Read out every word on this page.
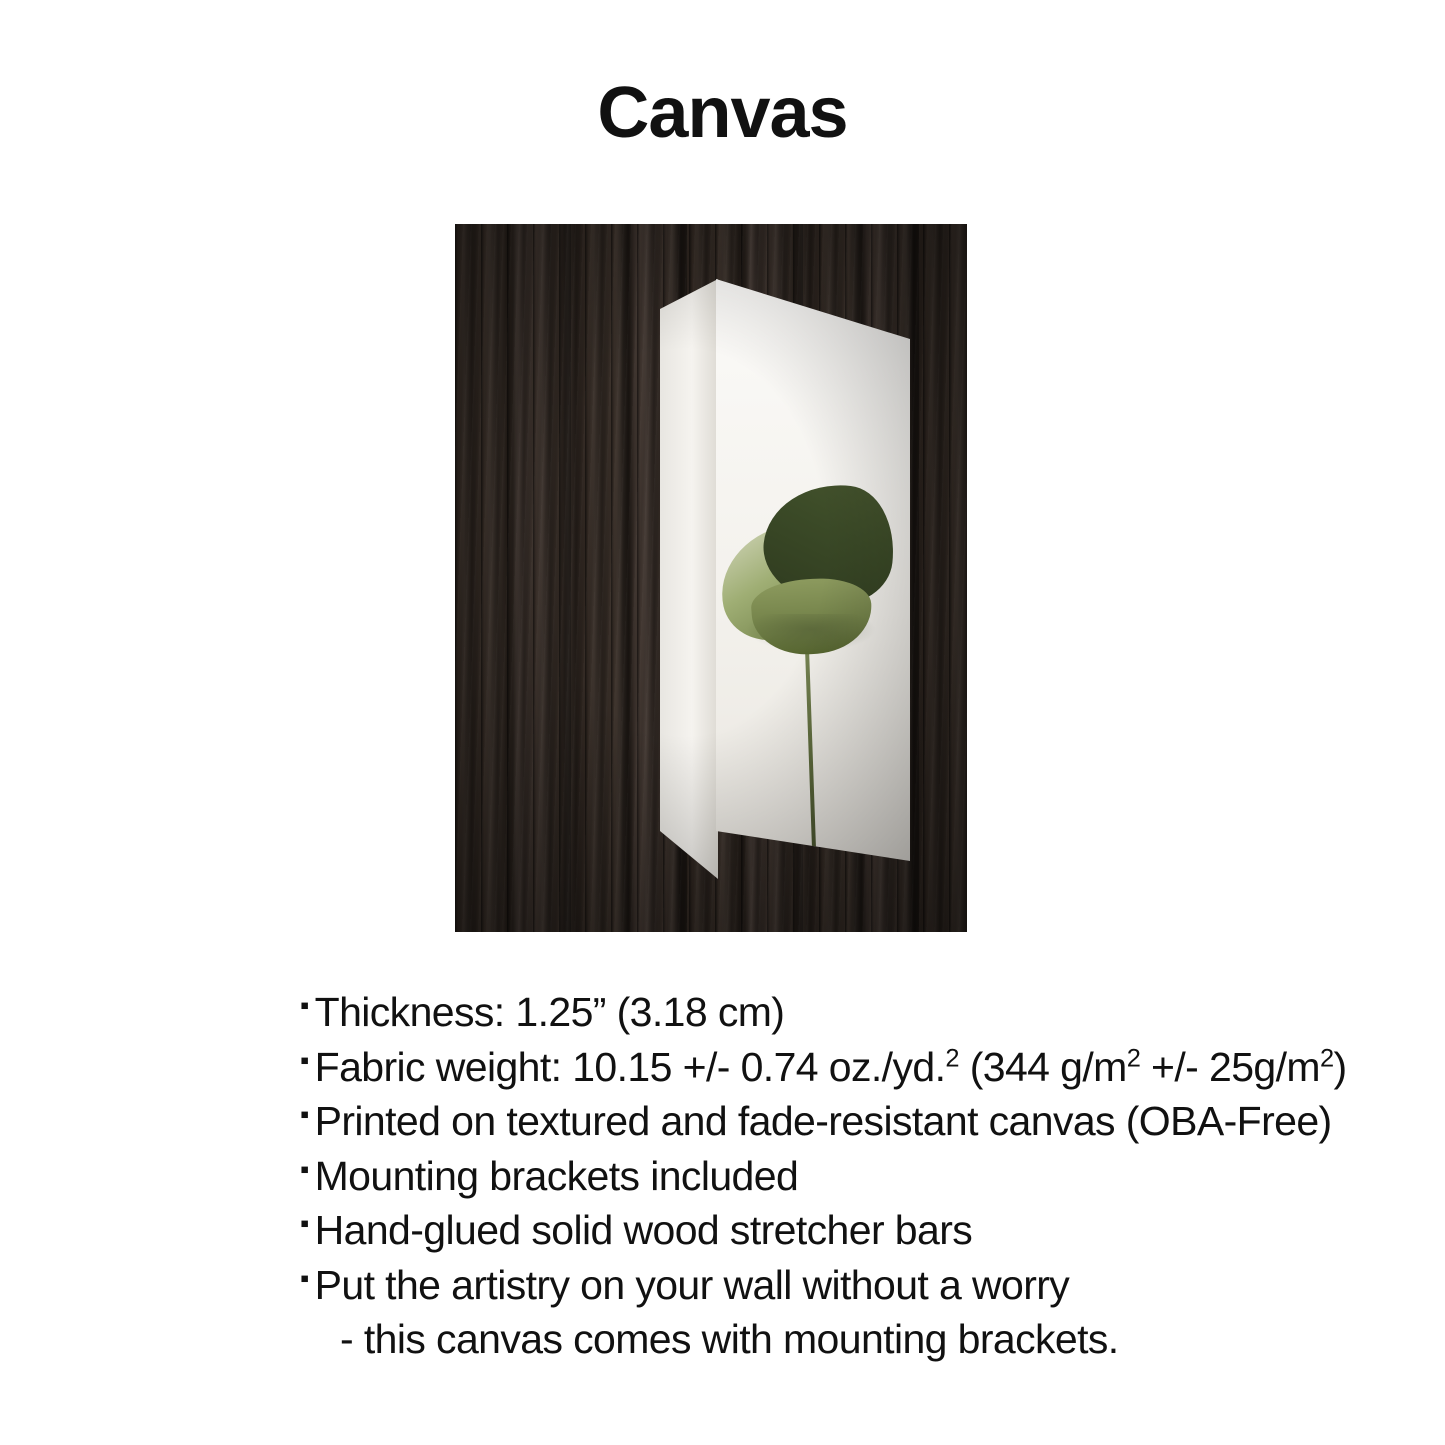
Canvas
▪ Thickness: 1.25” (3.18 cm)
▪ Fabric weight: 10.15 +/- 0.74 oz./yd.$^2$ (344 $g/m^2$ +/- $25g/m^2$)
▪ Printed on textured and fade-resistant canvas (OBA-Free)
▪ Mounting brackets included
▪ Hand-glued solid wood stretcher bars
▪ Put the artistry on your wall without a worry
- this canvas comes with mounting brackets.
